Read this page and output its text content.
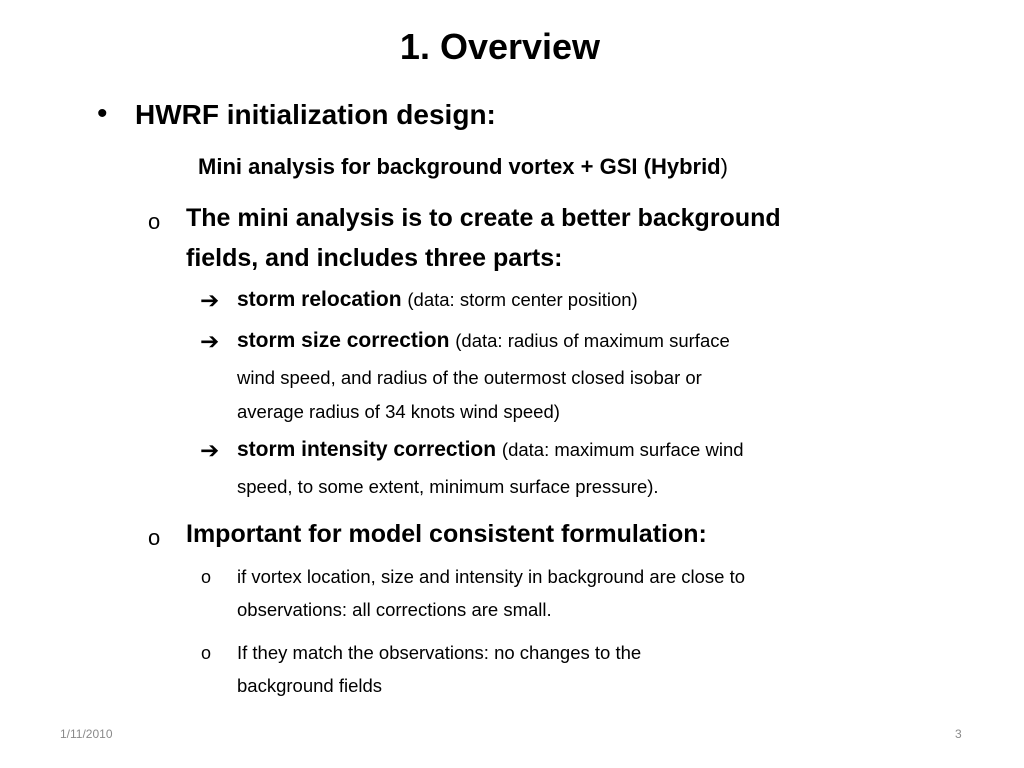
1. Overview
• HWRF initialization design:
Mini analysis for background vortex + GSI (Hybrid)
o The mini analysis is to create a better background
fields, and includes three parts:
➔ storm relocation (data: storm center position)
➔ storm size correction (data: radius of maximum surface
wind speed, and radius of the outermost closed isobar or
average radius of 34 knots wind speed)
➔ storm intensity correction (data: maximum surface wind
speed, to some extent, minimum surface pressure).
o Important for model consistent formulation:
o if vortex location, size and intensity in background are close to
observations: all corrections are small.
o If they match the observations: no changes to the
background fields
1/11/2010	3
